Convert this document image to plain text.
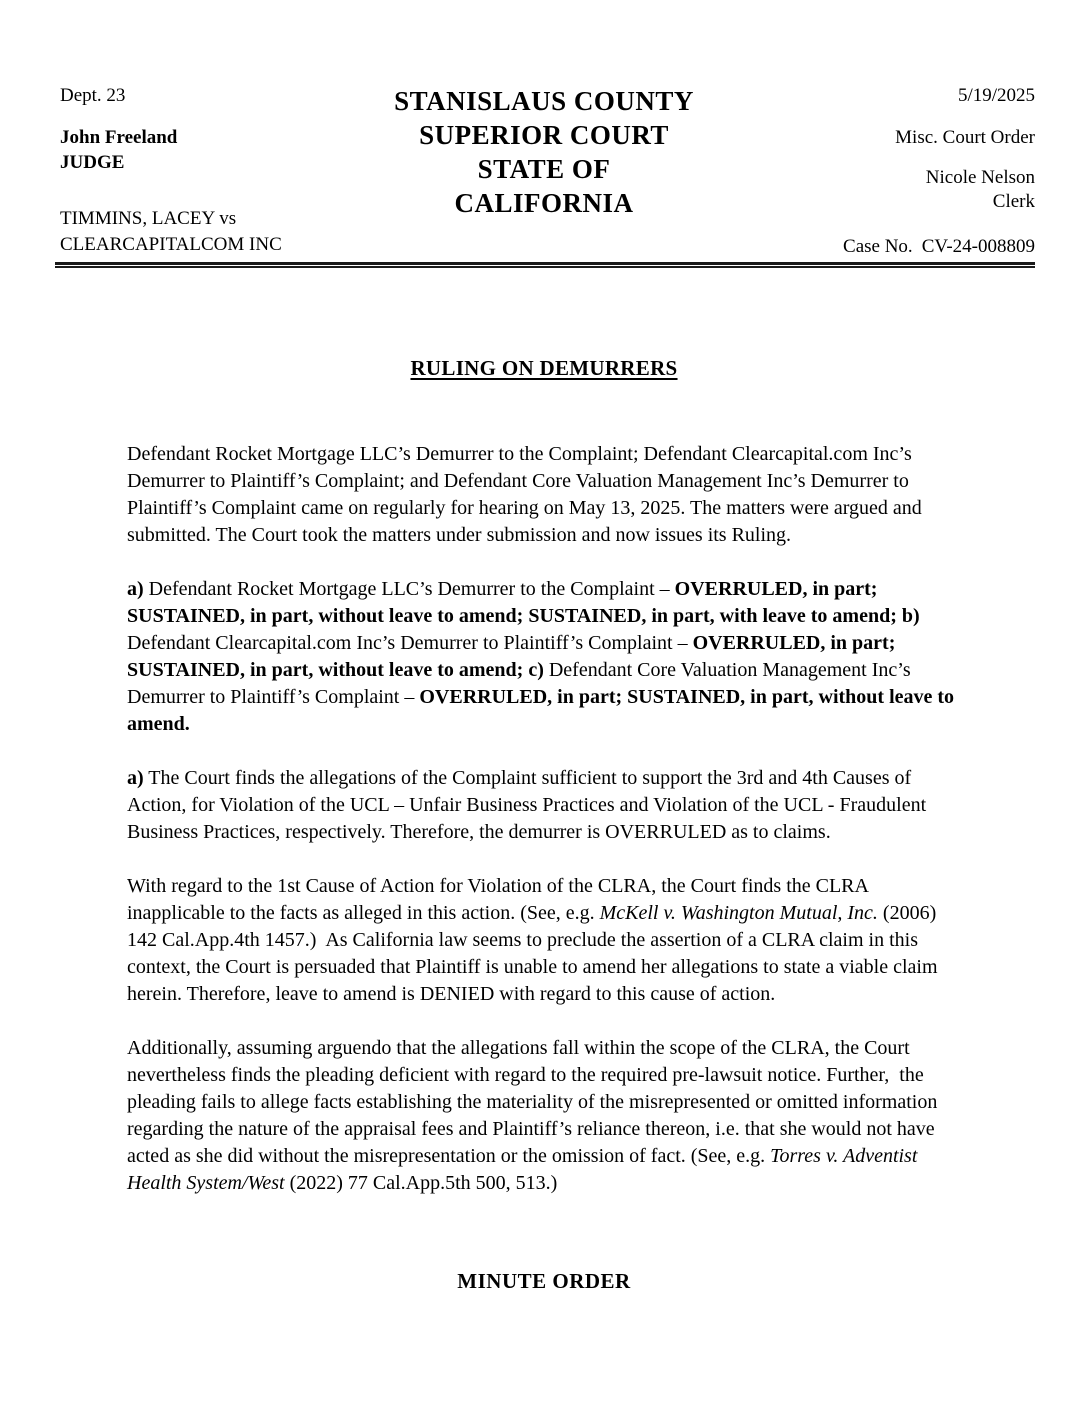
Dept. 23
John Freeland
JUDGE
STANISLAUS COUNTY
SUPERIOR COURT
STATE OF
CALIFORNIA
5/19/2025
Misc. Court Order
Nicole Nelson
Clerk
TIMMINS, LACEY vs
CLEARCAPITALCOM INC	Case No. CV-24-008809
RULING ON DEMURRERS

Defendant Rocket Mortgage LLC’s Demurrer to the Complaint; Defendant Clearcapital.com Inc’s Demurrer to Plaintiff’s Complaint; and Defendant Core Valuation Management Inc’s Demurrer to Plaintiff’s Complaint came on regularly for hearing on May 13, 2025. The matters were argued and submitted. The Court took the matters under submission and now issues its Ruling.

a) Defendant Rocket Mortgage LLC’s Demurrer to the Complaint – OVERRULED, in part; SUSTAINED, in part, without leave to amend; SUSTAINED, in part, with leave to amend; b) Defendant Clearcapital.com Inc’s Demurrer to Plaintiff’s Complaint – OVERRULED, in part; SUSTAINED, in part, without leave to amend; c) Defendant Core Valuation Management Inc’s Demurrer to Plaintiff’s Complaint – OVERRULED, in part; SUSTAINED, in part, without leave to amend.

a) The Court finds the allegations of the Complaint sufficient to support the 3rd and 4th Causes of Action, for Violation of the UCL – Unfair Business Practices and Violation of the UCL - Fraudulent Business Practices, respectively. Therefore, the demurrer is OVERRULED as to claims.

With regard to the 1st Cause of Action for Violation of the CLRA, the Court finds the CLRA inapplicable to the facts as alleged in this action. (See, e.g. McKell v. Washington Mutual, Inc. (2006) 142 Cal.App.4th 1457.)  As California law seems to preclude the assertion of a CLRA claim in this context, the Court is persuaded that Plaintiff is unable to amend her allegations to state a viable claim herein. Therefore, leave to amend is DENIED with regard to this cause of action.

Additionally, assuming arguendo that the allegations fall within the scope of the CLRA, the Court nevertheless finds the pleading deficient with regard to the required pre-lawsuit notice. Further,  the pleading fails to allege facts establishing the materiality of the misrepresented or omitted information regarding the nature of the appraisal fees and Plaintiff’s reliance thereon, i.e. that she would not have acted as she did without the misrepresentation or the omission of fact. (See, e.g. Torres v. Adventist Health System/West (2022) 77 Cal.App.5th 500, 513.)

MINUTE ORDER
